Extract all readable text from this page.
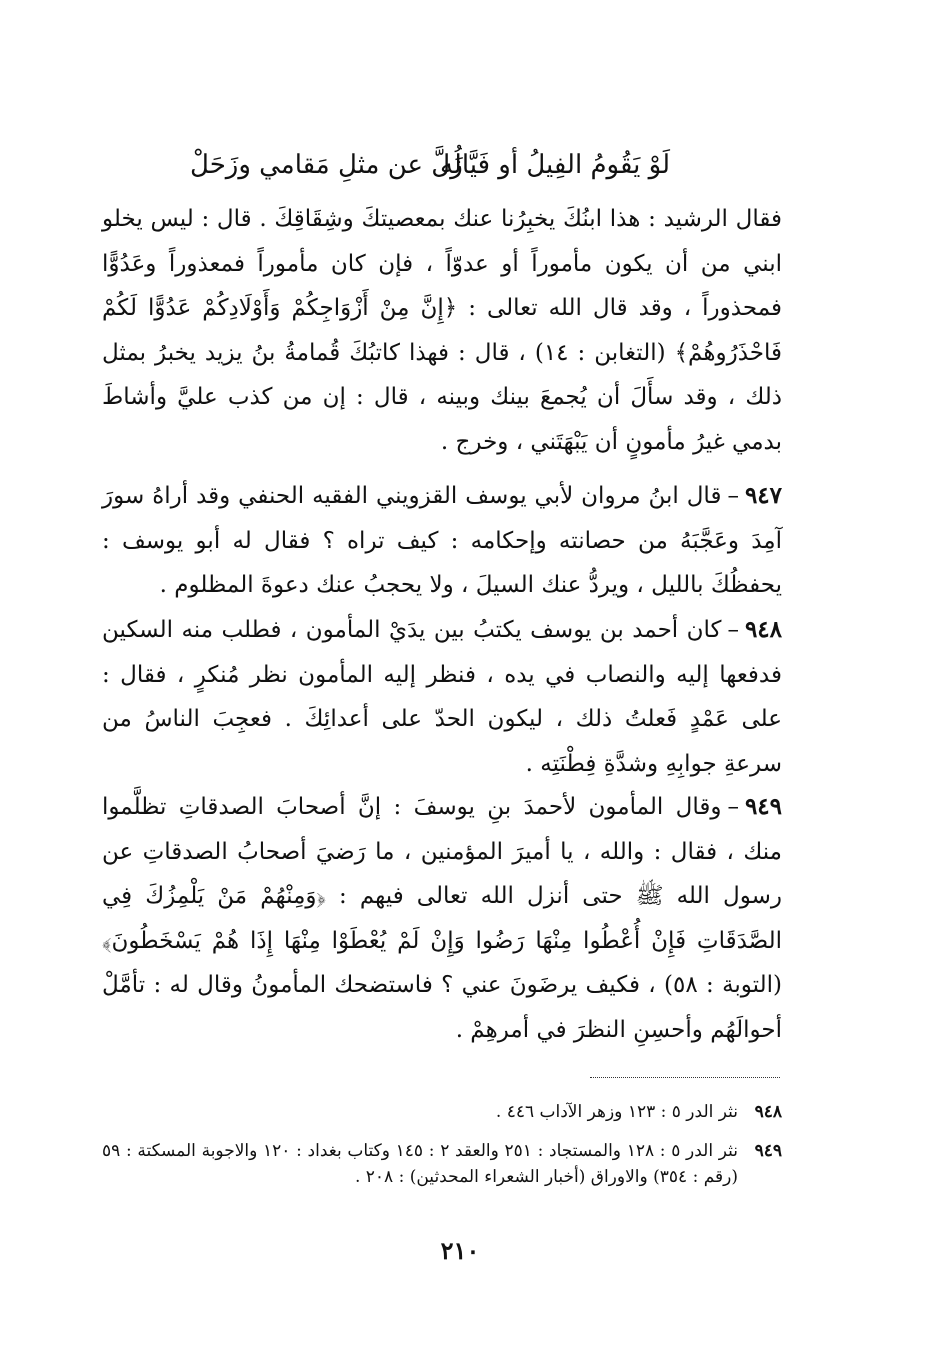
لَوْ يَقُومُ الفِيلُ أو فَيَّالُه
زَلَّ عن مثلِ مَقامي وزَحَلْ
فقال الرشيد : هذا ابنُكَ يخبِرُنا عنك بمعصيتكَ وشِقَاقِكَ . قال : ليس يخلو ابني من أن يكون مأموراً أو عدوّاً ، فإن كان مأموراً فمعذوراً وعَدُوًّا فمحذوراً ، وقد قال الله تعالى : ﴿إِنَّ مِنْ أَزْوَاجِكُمْ وَأَوْلَادِكُمْ عَدُوًّا لَكُمْ فَاحْذَرُوهُمْ﴾ (التغابن : ١٤) ، قال : فهذا كاتبُكَ قُمامةُ بنُ يزيد يخبرُ بمثل ذلك ، وقد سأَلَ أن يُجمعَ بينك وبينه ، قال : إن من كذب عليَّ وأشاطَ بدمي غيرُ مأمونٍ أن يَبْهَتَني ، وخرج .
٩٤٧–قال ابنُ مروان لأبي يوسف القزويني الفقيه الحنفي وقد أراهُ سورَ آمِدَ وعَجَّبَهُ من حصانته وإحكامه : كيف تراه ؟ فقال له أبو يوسف : يحفظُكَ بالليل ، ويردُّ عنك السيلَ ، ولا يحجبُ عنك دعوةَ المظلوم .
٩٤٨–كان أحمد بن يوسف يكتبُ بين يدَيْ المأمون ، فطلب منه السكين فدفعها إليه والنصاب في يده ، فنظر إليه المأمون نظر مُنكرٍ ، فقال : على عَمْدٍ فَعلتُ ذلك ، ليكون الحدّ على أعدائِكَ . فعجِبَ الناسُ من سرعةِ جوابِهِ وشدَّةِ فِطْنَتِه .
٩٤٩–وقال المأمون لأحمدَ بنِ يوسفَ : إنَّ أصحابَ الصدقاتِ تظلَّموا منك ، فقال : والله ، يا أميرَ المؤمنين ، ما رَضيَ أصحابُ الصدقاتِ عن رسول الله ﷺ حتى أنزل الله تعالى فيهم : ﴿وَمِنْهُمْ مَنْ يَلْمِزُكَ فِي الصَّدَقَاتِ فَإِنْ أُعْطُوا مِنْهَا رَضُوا وَإِنْ لَمْ يُعْطَوْا مِنْهَا إِذَا هُمْ يَسْخَطُونَ﴾ (التوبة : ٥٨) ، فكيف يرضَونَ عني ؟ فاستضحك المأمونُ وقال له : تأمَّلْ أحوالَهُم وأحسِنِ النظرَ في أمرهِمْ .
٩٤٨
نثر الدر ٥ : ١٢٣ وزهر الآداب ٤٤٦ .
٩٤٩
نثر الدر ٥ : ١٢٨ والمستجاد : ٢٥١ والعقد ٢ : ١٤٥ وكتاب بغداد : ١٢٠ والاجوبة المسكتة : ٥٩ (رقم : ٣٥٤) والاوراق (أخبار الشعراء المحدثين) : ٢٠٨ .
٢١٠
